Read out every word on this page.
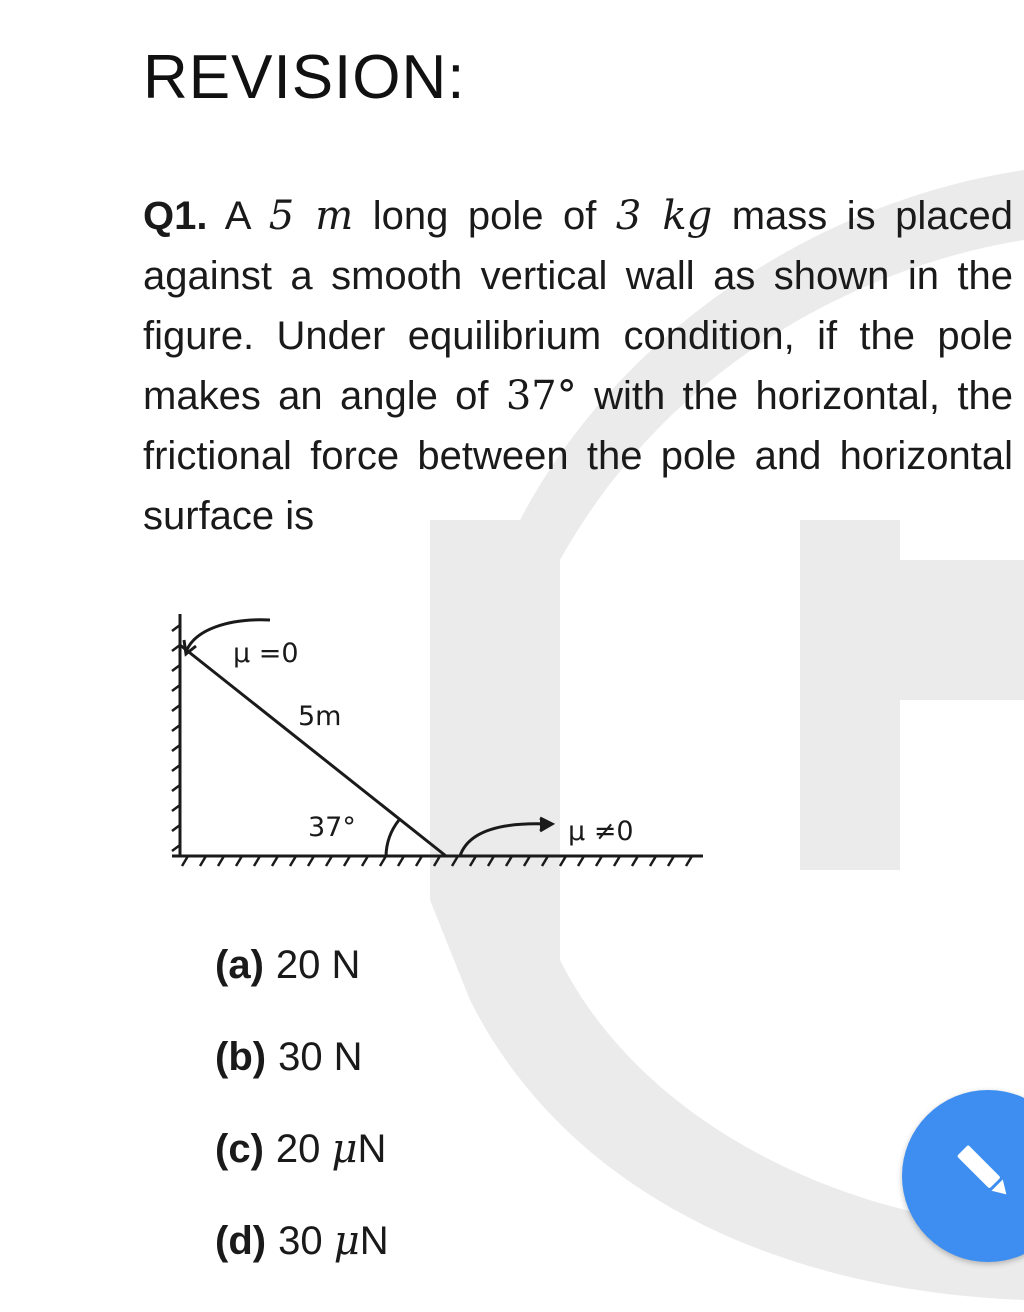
REVISION:

Q1. A 5 m long pole of 3 kg mass is placed against a smooth vertical wall as shown in the figure. Under equilibrium condition, if the pole makes an angle of 37° with the horizontal, the frictional force between the pole and horizontal surface is

μ =0
5m
37°	μ ≠0
(a) 20 N
(b) 30 N
(c) 20 μN
(d) 30 μN
